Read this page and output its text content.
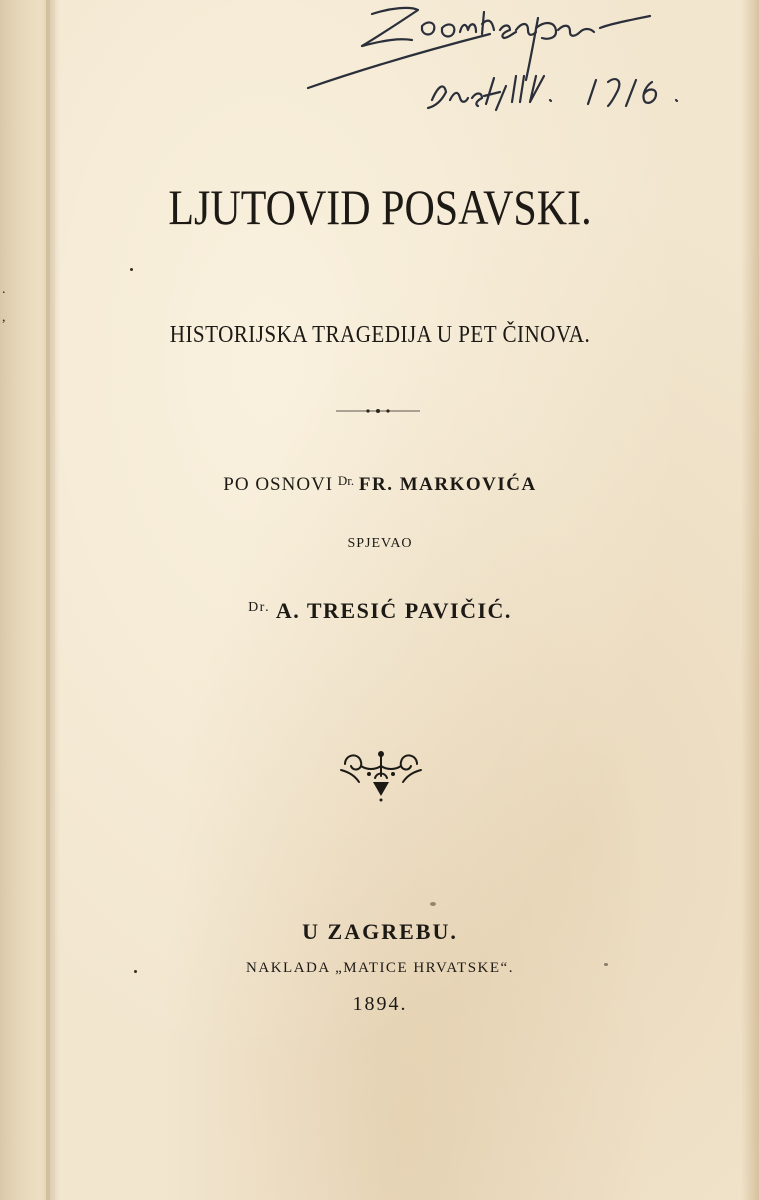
.
,
LJUTOVID POSAVSKI.
HISTORIJSKA TRAGEDIJA U PET ČINOVA.
PO OSNOVI $^{Dr.}$ FR. MARKOVIĆA
SPJEVAO
$^{Dr.}$ A. TRESIĆ PAVIČIĆ.
U ZAGREBU.
NAKLADA „MATICE HRVATSKE“.
1894.
